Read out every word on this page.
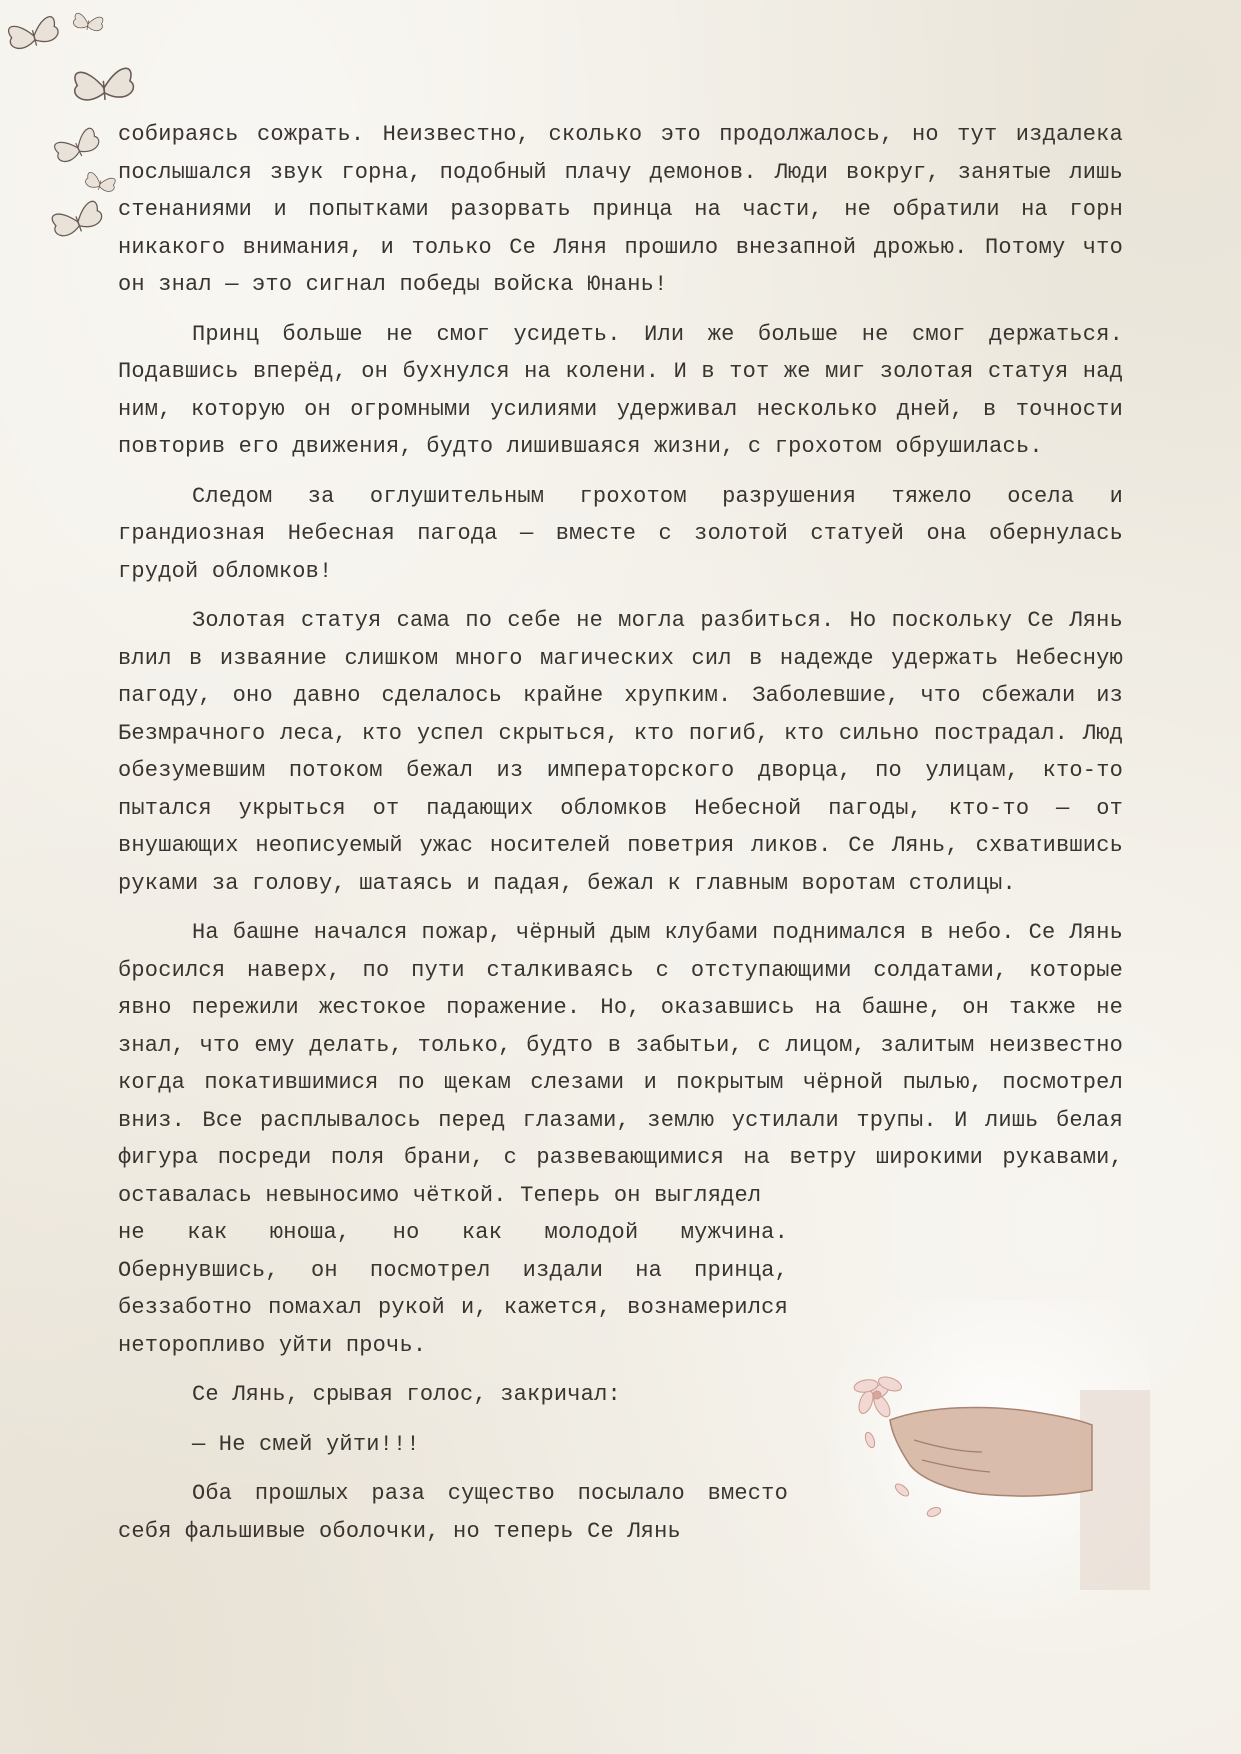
собираясь сожрать. Неизвестно, сколько это продолжалось, но тут издалека послышался звук горна, подобный плачу демонов. Люди вокруг, занятые лишь стенаниями и попытками разорвать принца на части, не обратили на горн никакого внимания, и только Се Ляня прошило внезапной дрожью. Потому что он знал — это сигнал победы войска Юнань!

Принц больше не смог усидеть. Или же больше не смог держаться. Подавшись вперёд, он бухнулся на колени. И в тот же миг золотая статуя над ним, которую он огромными усилиями удерживал несколько дней, в точности повторив его движения, будто лишившаяся жизни, с грохотом обрушилась.

Следом за оглушительным грохотом разрушения тяжело осела и грандиозная Небесная пагода — вместе с золотой статуей она обернулась грудой обломков!

Золотая статуя сама по себе не могла разбиться. Но поскольку Се Лянь влил в изваяние слишком много магических сил в надежде удержать Небесную пагоду, оно давно сделалось крайне хрупким. Заболевшие, что сбежали из Безмрачного леса, кто успел скрыться, кто погиб, кто сильно пострадал. Люд обезумевшим потоком бежал из императорского дворца, по улицам, кто-то пытался укрыться от падающих обломков Небесной пагоды, кто-то — от внушающих неописуемый ужас носителей поветрия ликов. Се Лянь, схватившись руками за голову, шатаясь и падая, бежал к главным воротам столицы.

На башне начался пожар, чёрный дым клубами поднимался в небо. Се Лянь бросился наверх, по пути сталкиваясь с отступающими солдатами, которые явно пережили жестокое поражение. Но, оказавшись на башне, он также не знал, что ему делать, только, будто в забытьи, с лицом, залитым неизвестно когда покатившимися по щекам слезами и покрытым чёрной пылью, посмотрел вниз. Все расплывалось перед глазами, землю устилали трупы. И лишь белая фигура посреди поля брани, с развевающимися на ветру широкими рукавами, оставалась невыносимо чёткой. Теперь он выглядел

не как юноша, но как молодой мужчина. Обернувшись, он посмотрел издали на принца, беззаботно помахал рукой и, кажется, вознамерился неторопливо уйти прочь.

Се Лянь, срывая голос, закричал:

— Не смей уйти!!!

Оба прошлых раза существо посылало вместо себя фальшивые оболочки, но теперь Се Лянь
